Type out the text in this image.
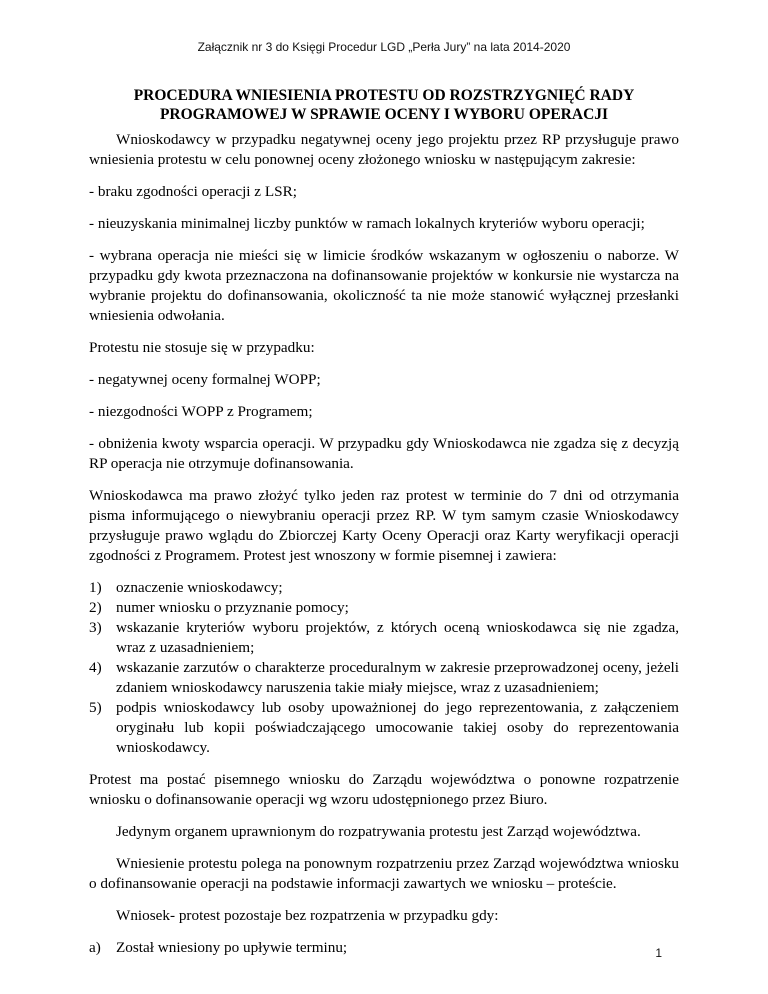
Załącznik nr 3 do Księgi Procedur LGD „Perła Jury” na lata 2014-2020
PROCEDURA WNIESIENIA PROTESTU OD ROZSTRZYGNIĘĆ RADY
PROGRAMOWEJ W SPRAWIE OCENY I WYBORU OPERACJI

Wnioskodawcy w przypadku negatywnej oceny jego projektu przez RP przysługuje prawo wniesienia protestu w celu ponownej oceny złożonego wniosku w następującym zakresie:

- braku zgodności operacji z LSR;

- nieuzyskania minimalnej liczby punktów w ramach lokalnych kryteriów wyboru operacji;

- wybrana operacja nie mieści się w limicie środków wskazanym w ogłoszeniu o naborze. W przypadku gdy kwota przeznaczona na dofinansowanie projektów w konkursie nie wystarcza na wybranie projektu do dofinansowania, okoliczność ta nie może stanowić wyłącznej przesłanki wniesienia odwołania.

Protestu nie stosuje się w przypadku:

- negatywnej oceny formalnej WOPP;

- niezgodności WOPP z Programem;

- obniżenia kwoty wsparcia operacji. W przypadku gdy Wnioskodawca nie zgadza się z decyzją RP operacja nie otrzymuje dofinansowania.

Wnioskodawca ma prawo złożyć tylko jeden raz protest w terminie do 7 dni od otrzymania pisma informującego o niewybraniu operacji przez RP. W tym samym czasie Wnioskodawcy przysługuje prawo wglądu do Zbiorczej Karty Oceny Operacji oraz Karty weryfikacji operacji zgodności z Programem. Protest jest wnoszony w formie pisemnej i zawiera:

1) oznaczenie wnioskodawcy;
2) numer wniosku o przyznanie pomocy;
3) wskazanie kryteriów wyboru projektów, z których oceną wnioskodawca się nie zgadza, wraz z uzasadnieniem;
4) wskazanie zarzutów o charakterze proceduralnym w zakresie przeprowadzonej oceny, jeżeli zdaniem wnioskodawcy naruszenia takie miały miejsce, wraz z uzasadnieniem;
5) podpis wnioskodawcy lub osoby upoważnionej do jego reprezentowania, z załączeniem oryginału lub kopii poświadczającego umocowanie takiej osoby do reprezentowania wnioskodawcy.

Protest ma postać pisemnego wniosku do Zarządu województwa o ponowne rozpatrzenie wniosku o dofinansowanie operacji wg wzoru udostępnionego przez Biuro.

Jedynym organem uprawnionym do rozpatrywania protestu jest Zarząd województwa.

Wniesienie protestu polega na ponownym rozpatrzeniu przez Zarząd województwa wniosku o dofinansowanie operacji na podstawie informacji zawartych we wniosku – proteście.

Wniosek- protest pozostaje bez rozpatrzenia w przypadku gdy:

a) Został wniesiony po upływie terminu;	1
